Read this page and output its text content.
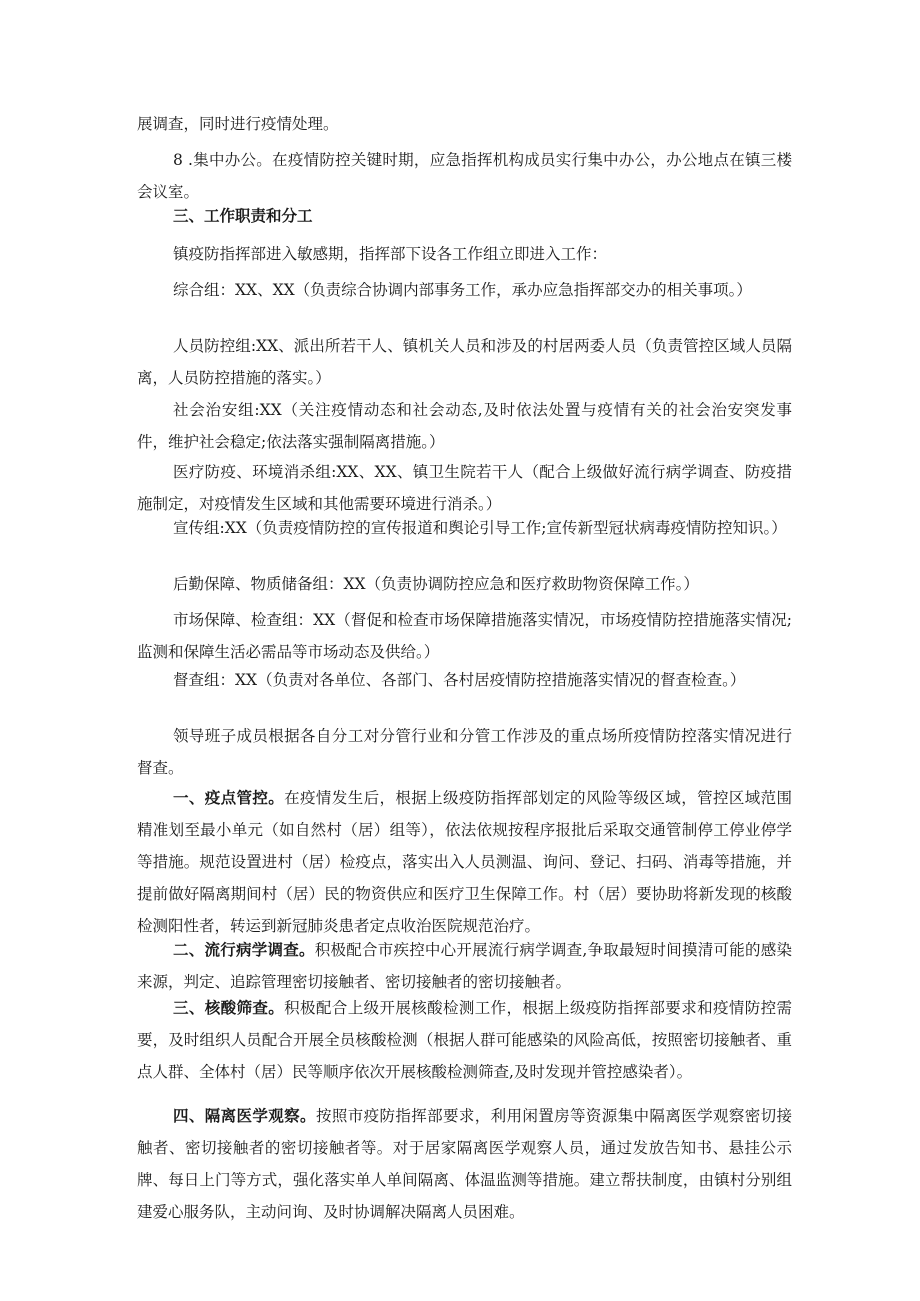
展调查，同时进行疫情处理。

8 .集中办公。在疫情防控关键时期，应急指挥机构成员实行集中办公，办公地点在镇三楼会议室。

三、工作职责和分工

镇疫防指挥部进入敏感期，指挥部下设各工作组立即进入工作：

综合组：XX、XX（负责综合协调内部事务工作，承办应急指挥部交办的相关事项。）

人员防控组:XX、派出所若干人、镇机关人员和涉及的村居两委人员（负责管控区域人员隔离，人员防控措施的落实。）

社会治安组:XX（关注疫情动态和社会动态,及时依法处置与疫情有关的社会治安突发事件，维护社会稳定;依法落实强制隔离措施。）

医疗防疫、环境消杀组:XX、XX、镇卫生院若干人（配合上级做好流行病学调查、防疫措施制定，对疫情发生区域和其他需要环境进行消杀。）

宣传组:XX（负责疫情防控的宣传报道和舆论引导工作;宣传新型冠状病毒疫情防控知识。）

后勤保障、物质储备组：XX（负责协调防控应急和医疗救助物资保障工作。）

市场保障、检查组：XX（督促和检查市场保障措施落实情况，市场疫情防控措施落实情况;监测和保障生活必需品等市场动态及供给。）

督查组：XX（负责对各单位、各部门、各村居疫情防控措施落实情况的督查检查。）

领导班子成员根据各自分工对分管行业和分管工作涉及的重点场所疫情防控落实情况进行督查。

一、疫点管控。在疫情发生后，根据上级疫防指挥部划定的风险等级区域，管控区域范围精准划至最小单元（如自然村（居）组等），依法依规按程序报批后采取交通管制停工停业停学等措施。规范设置进村（居）检疫点，落实出入人员测温、询问、登记、扫码、消毒等措施，并提前做好隔离期间村（居）民的物资供应和医疗卫生保障工作。村（居）要协助将新发现的核酸检测阳性者，转运到新冠肺炎患者定点收治医院规范治疗。

二、流行病学调查。积极配合市疾控中心开展流行病学调查,争取最短时间摸清可能的感染来源，判定、追踪管理密切接触者、密切接触者的密切接触者。

三、核酸筛查。积极配合上级开展核酸检测工作，根据上级疫防指挥部要求和疫情防控需要，及时组织人员配合开展全员核酸检测（根据人群可能感染的风险高低，按照密切接触者、重点人群、全体村（居）民等顺序依次开展核酸检测筛查,及时发现并管控感染者）。

四、隔离医学观察。按照市疫防指挥部要求，利用闲置房等资源集中隔离医学观察密切接触者、密切接触者的密切接触者等。对于居家隔离医学观察人员，通过发放告知书、悬挂公示牌、每日上门等方式，强化落实单人单间隔离、体温监测等措施。建立帮扶制度，由镇村分别组建爱心服务队，主动问询、及时协调解决隔离人员困难。
